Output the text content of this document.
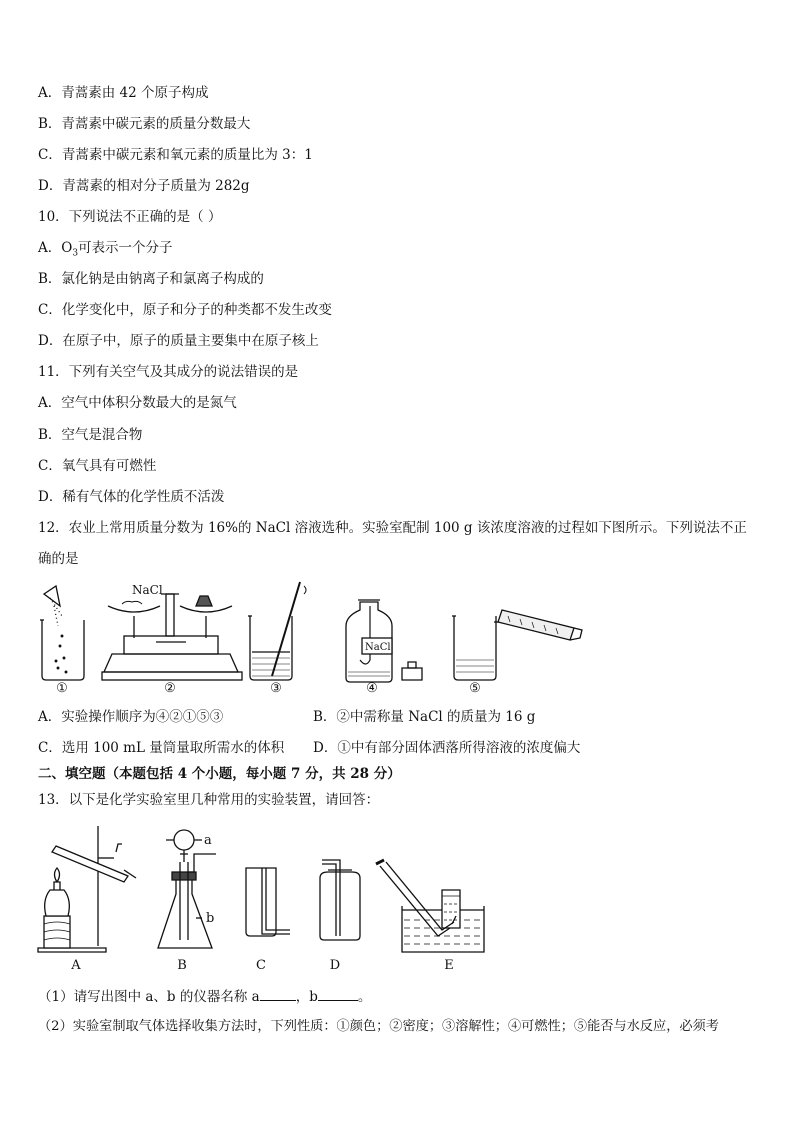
A．青蒿素由 42 个原子构成
B．青蒿素中碳元素的质量分数最大
C．青蒿素中碳元素和氧元素的质量比为 3：1
D．青蒿素的相对分子质量为 282g
10．下列说法不正确的是（ ）
A．$O_3$可表示一个分子
B．氯化钠是由钠离子和氯离子构成的
C．化学变化中，原子和分子的种类都不发生改变
D．在原子中，原子的质量主要集中在原子核上
11．下列有关空气及其成分的说法错误的是
A．空气中体积分数最大的是氮气
B．空气是混合物
C．氧气具有可燃性
D．稀有气体的化学性质不活泼
12．农业上常用质量分数为 16%的 NaCl 溶液选种。实验室配制 100 g 该浓度溶液的过程如下图所示。下列说法不正
确的是
NaCl
NaCl
①	②	③	④	⑤
A．实验操作顺序为④②①⑤③	B．②中需称量 NaCl 的质量为 16 g
C．选用 100 mL 量筒量取所需水的体积 D．①中有部分固体洒落所得溶液的浓度偏大
二、填空题（本题包括 4 个小题，每小题 7 分，共 28 分）
13．以下是化学实验室里几种常用的实验装置，请回答：
a
b
A	B	C	D	E
（1）请写出图中 a、b 的仪器名称 a	，b	。
（2）实验室制取气体选择收集方法时，下列性质：①颜色；②密度；③溶解性；④可燃性；⑤能否与水反应，必须考
